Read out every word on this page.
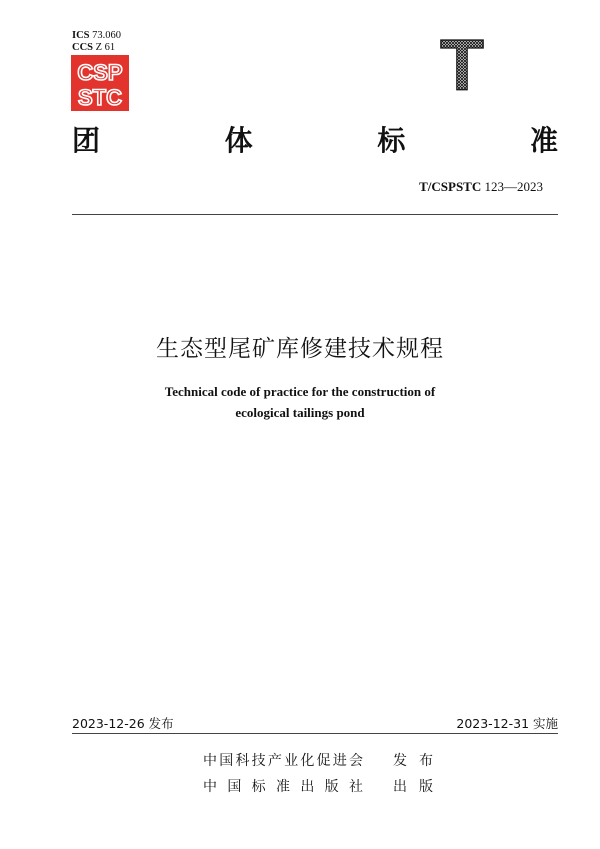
ICS 73.060
CCS Z 61
CSP
STC	T
团	体	标	准
T/CSPSTC 123—2023
生态型尾矿库修建技术规程
Technical code of practice for the construction of
ecological tailings pond
2023-12-26 发布	2023-12-31 实施
中 国 科 技 产 业 化 促 进 会 发 布
中 国 标 准 出 版 社 出 版
